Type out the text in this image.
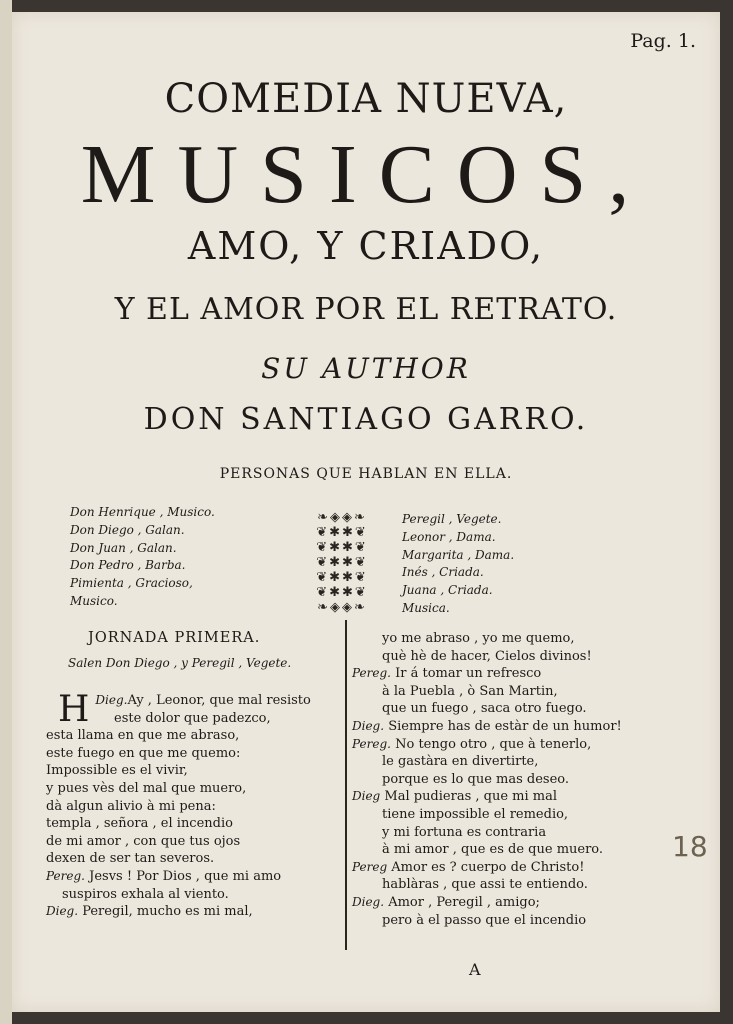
Pag. 1.
COMEDIA NUEVA,
MUSICOS,
AMO, Y CRIADO,
Y EL AMOR POR EL RETRATO.
SU AUTHOR
DON SANTIAGO GARRO.
PERSONAS QUE HABLAN EN ELLA.
Don Henrique , Musico.
Don Diego , Galan.
Don Juan , Galan.
Don Pedro , Barba.
Pimienta , Gracioso,
Musico.
❧◈◈❧
❦✱✱❦
❦✱✱❦
❦✱✱❦
❦✱✱❦
❦✱✱❦
❧◈◈❧
Peregil , Vegete.
Leonor , Dama.
Margarita , Dama.
Inés , Criada.
Juana , Criada.
Musica.
JORNADA PRIMERA.
Salen Don Diego , y Peregil , Vegete.
Dieg.
H	Ay , Leonor, que mal resisto
este dolor que padezco,
esta llama en que me abraso,
este fuego en que me quemo:
Impossible es el vivir,
y pues vès del mal que muero,
dà algun alivio à mi pena:
templa , señora , el incendio
de mi amor , con que tus ojos
dexen de ser tan severos.
Pereg. Jesvs ! Por Dios , que mi amo
suspiros exhala al viento.
Dieg. Peregil, mucho es mi mal,
yo me abraso , yo me quemo,
què hè de hacer, Cielos divinos!
Pereg. Ir á tomar un refresco
à la Puebla , ò San Martin,
que un fuego , saca otro fuego.
Dieg. Siempre has de estàr de un humor!
Pereg. No tengo otro , que à tenerlo,
le gastàra en divertirte,
porque es lo que mas deseo.
Dieg Mal pudieras , que mi mal
tiene impossible el remedio,
y mi fortuna es contraria
à mi amor , que es de que muero.
Pereg Amor es ? cuerpo de Christo!
hablàras , que assi te entiendo.
Dieg. Amor , Peregil , amigo;
pero à el passo que el incendio
A
18
